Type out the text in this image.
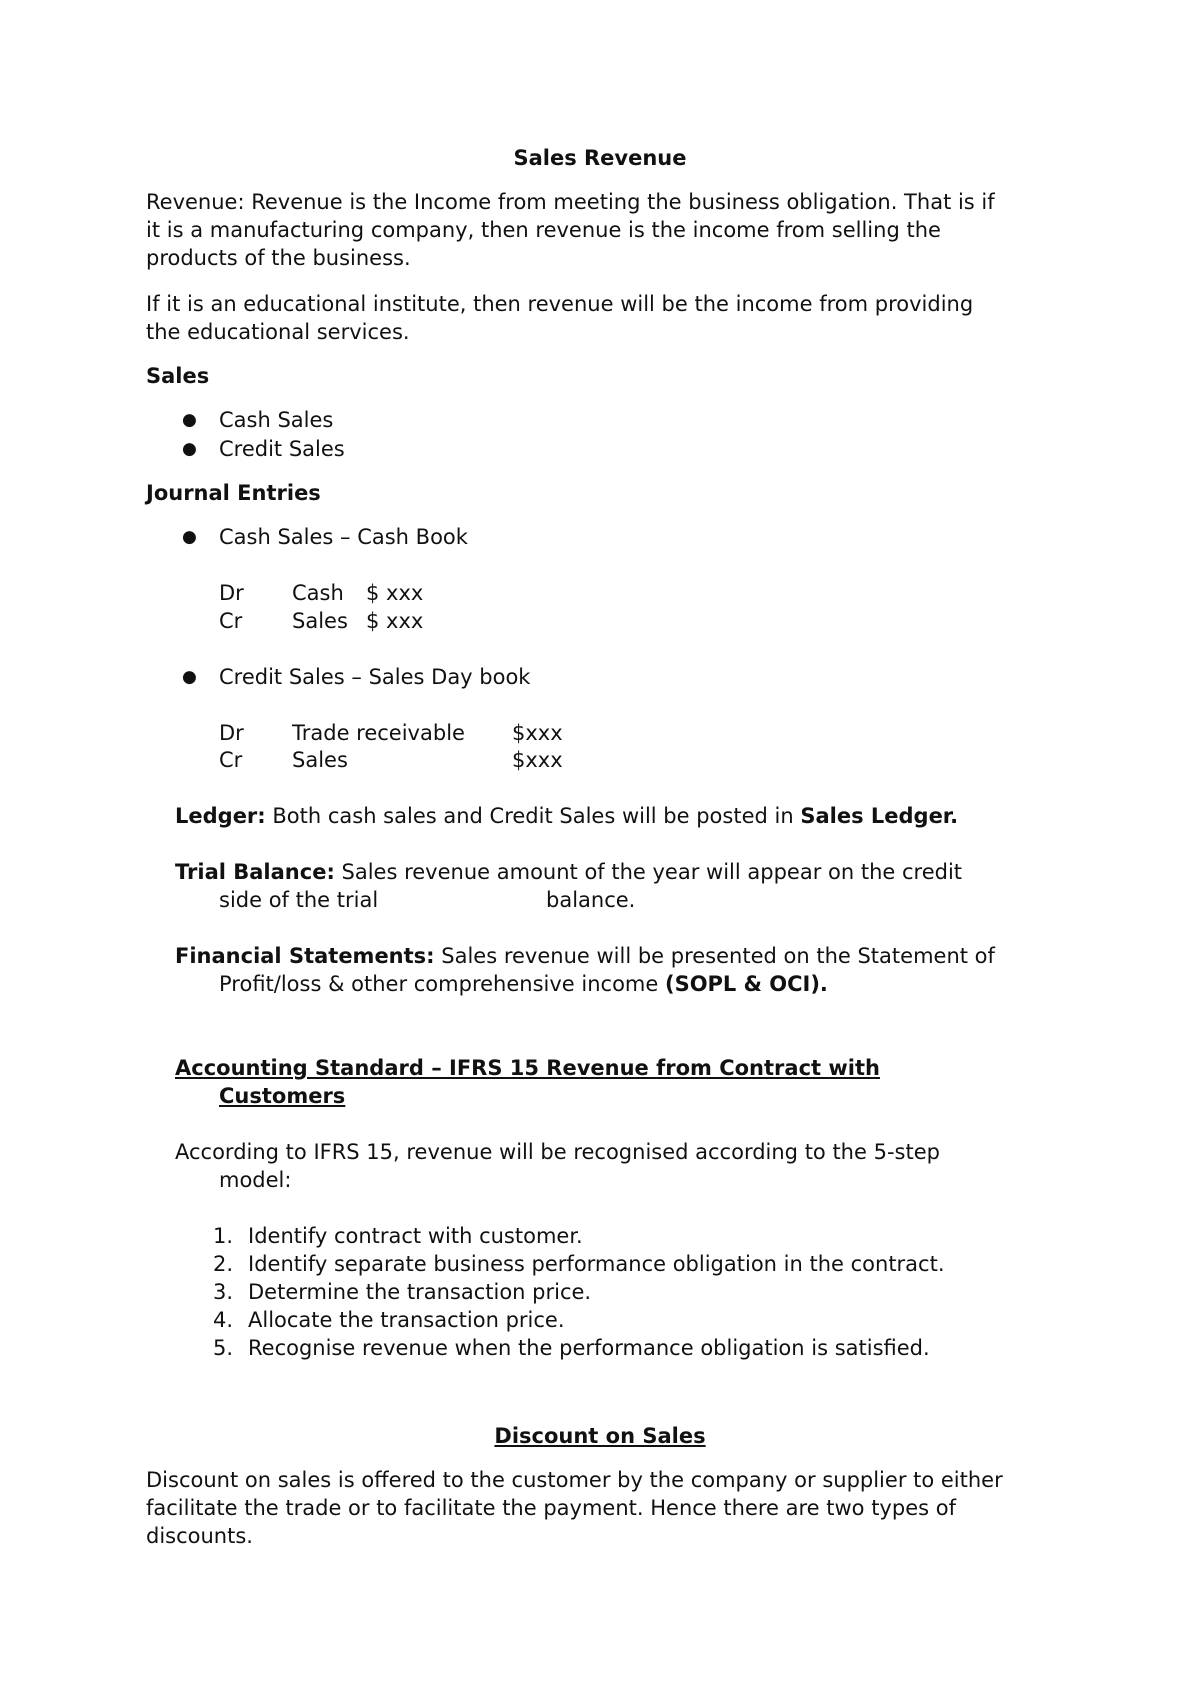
Sales Revenue
Revenue: Revenue is the Income from meeting the business obligation. That is if
it is a manufacturing company, then revenue is the income from selling the
products of the business.
If it is an educational institute, then revenue will be the income from providing
the educational services.
Sales
● Cash Sales
● Credit Sales
Journal Entries
● Cash Sales – Cash Book
Dr Cash $ xxx
Cr Sales $ xxx
● Credit Sales – Sales Day book
Dr Trade receivable $xxx
Cr Sales	$xxx
Ledger: Both cash sales and Credit Sales will be posted in Sales Ledger.
Trial Balance: Sales revenue amount of the year will appear on the credit
side of the trial	balance.
Financial Statements: Sales revenue will be presented on the Statement of
Profit/loss & other comprehensive income (SOPL & OCI).
Accounting Standard – IFRS 15 Revenue from Contract with
Customers
According to IFRS 15, revenue will be recognised according to the 5-step
model:
1. Identify contract with customer.
2. Identify separate business performance obligation in the contract.
3. Determine the transaction price.
4. Allocate the transaction price.
5. Recognise revenue when the performance obligation is satisfied.
Discount on Sales
Discount on sales is offered to the customer by the company or supplier to either
facilitate the trade or to facilitate the payment. Hence there are two types of
discounts.
